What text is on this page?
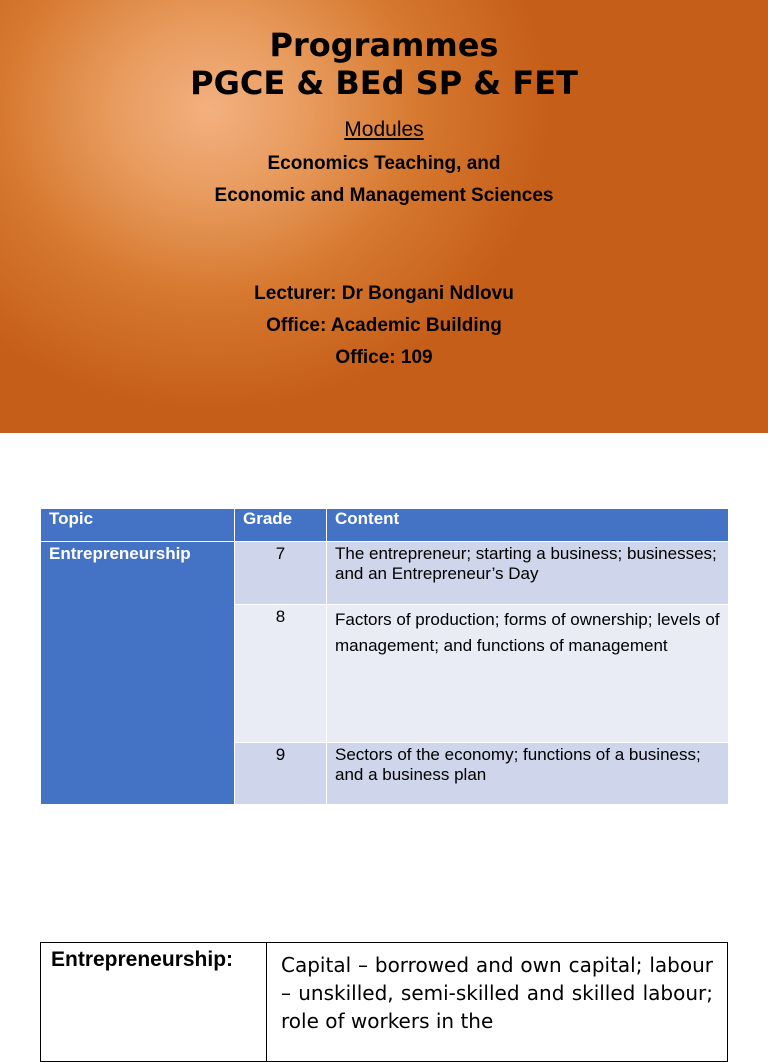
Programmes
PGCE & BEd SP & FET
Modules
Economics Teaching, and
Economic and Management Sciences
Lecturer: Dr Bongani Ndlovu
Office: Academic Building
Office: 109
Topic	Grade	Content
Entrepreneurship	7	The entrepreneur; starting a business; businesses; and an Entrepreneur’s Day
	8	Factors of production; forms of ownership; levels of management; and functions of management
	9	Sectors of the economy; functions of a business; and a business plan
Entrepreneurship:	Capital – borrowed and own capital; labour – unskilled, semi-skilled and skilled labour; role of workers in the
